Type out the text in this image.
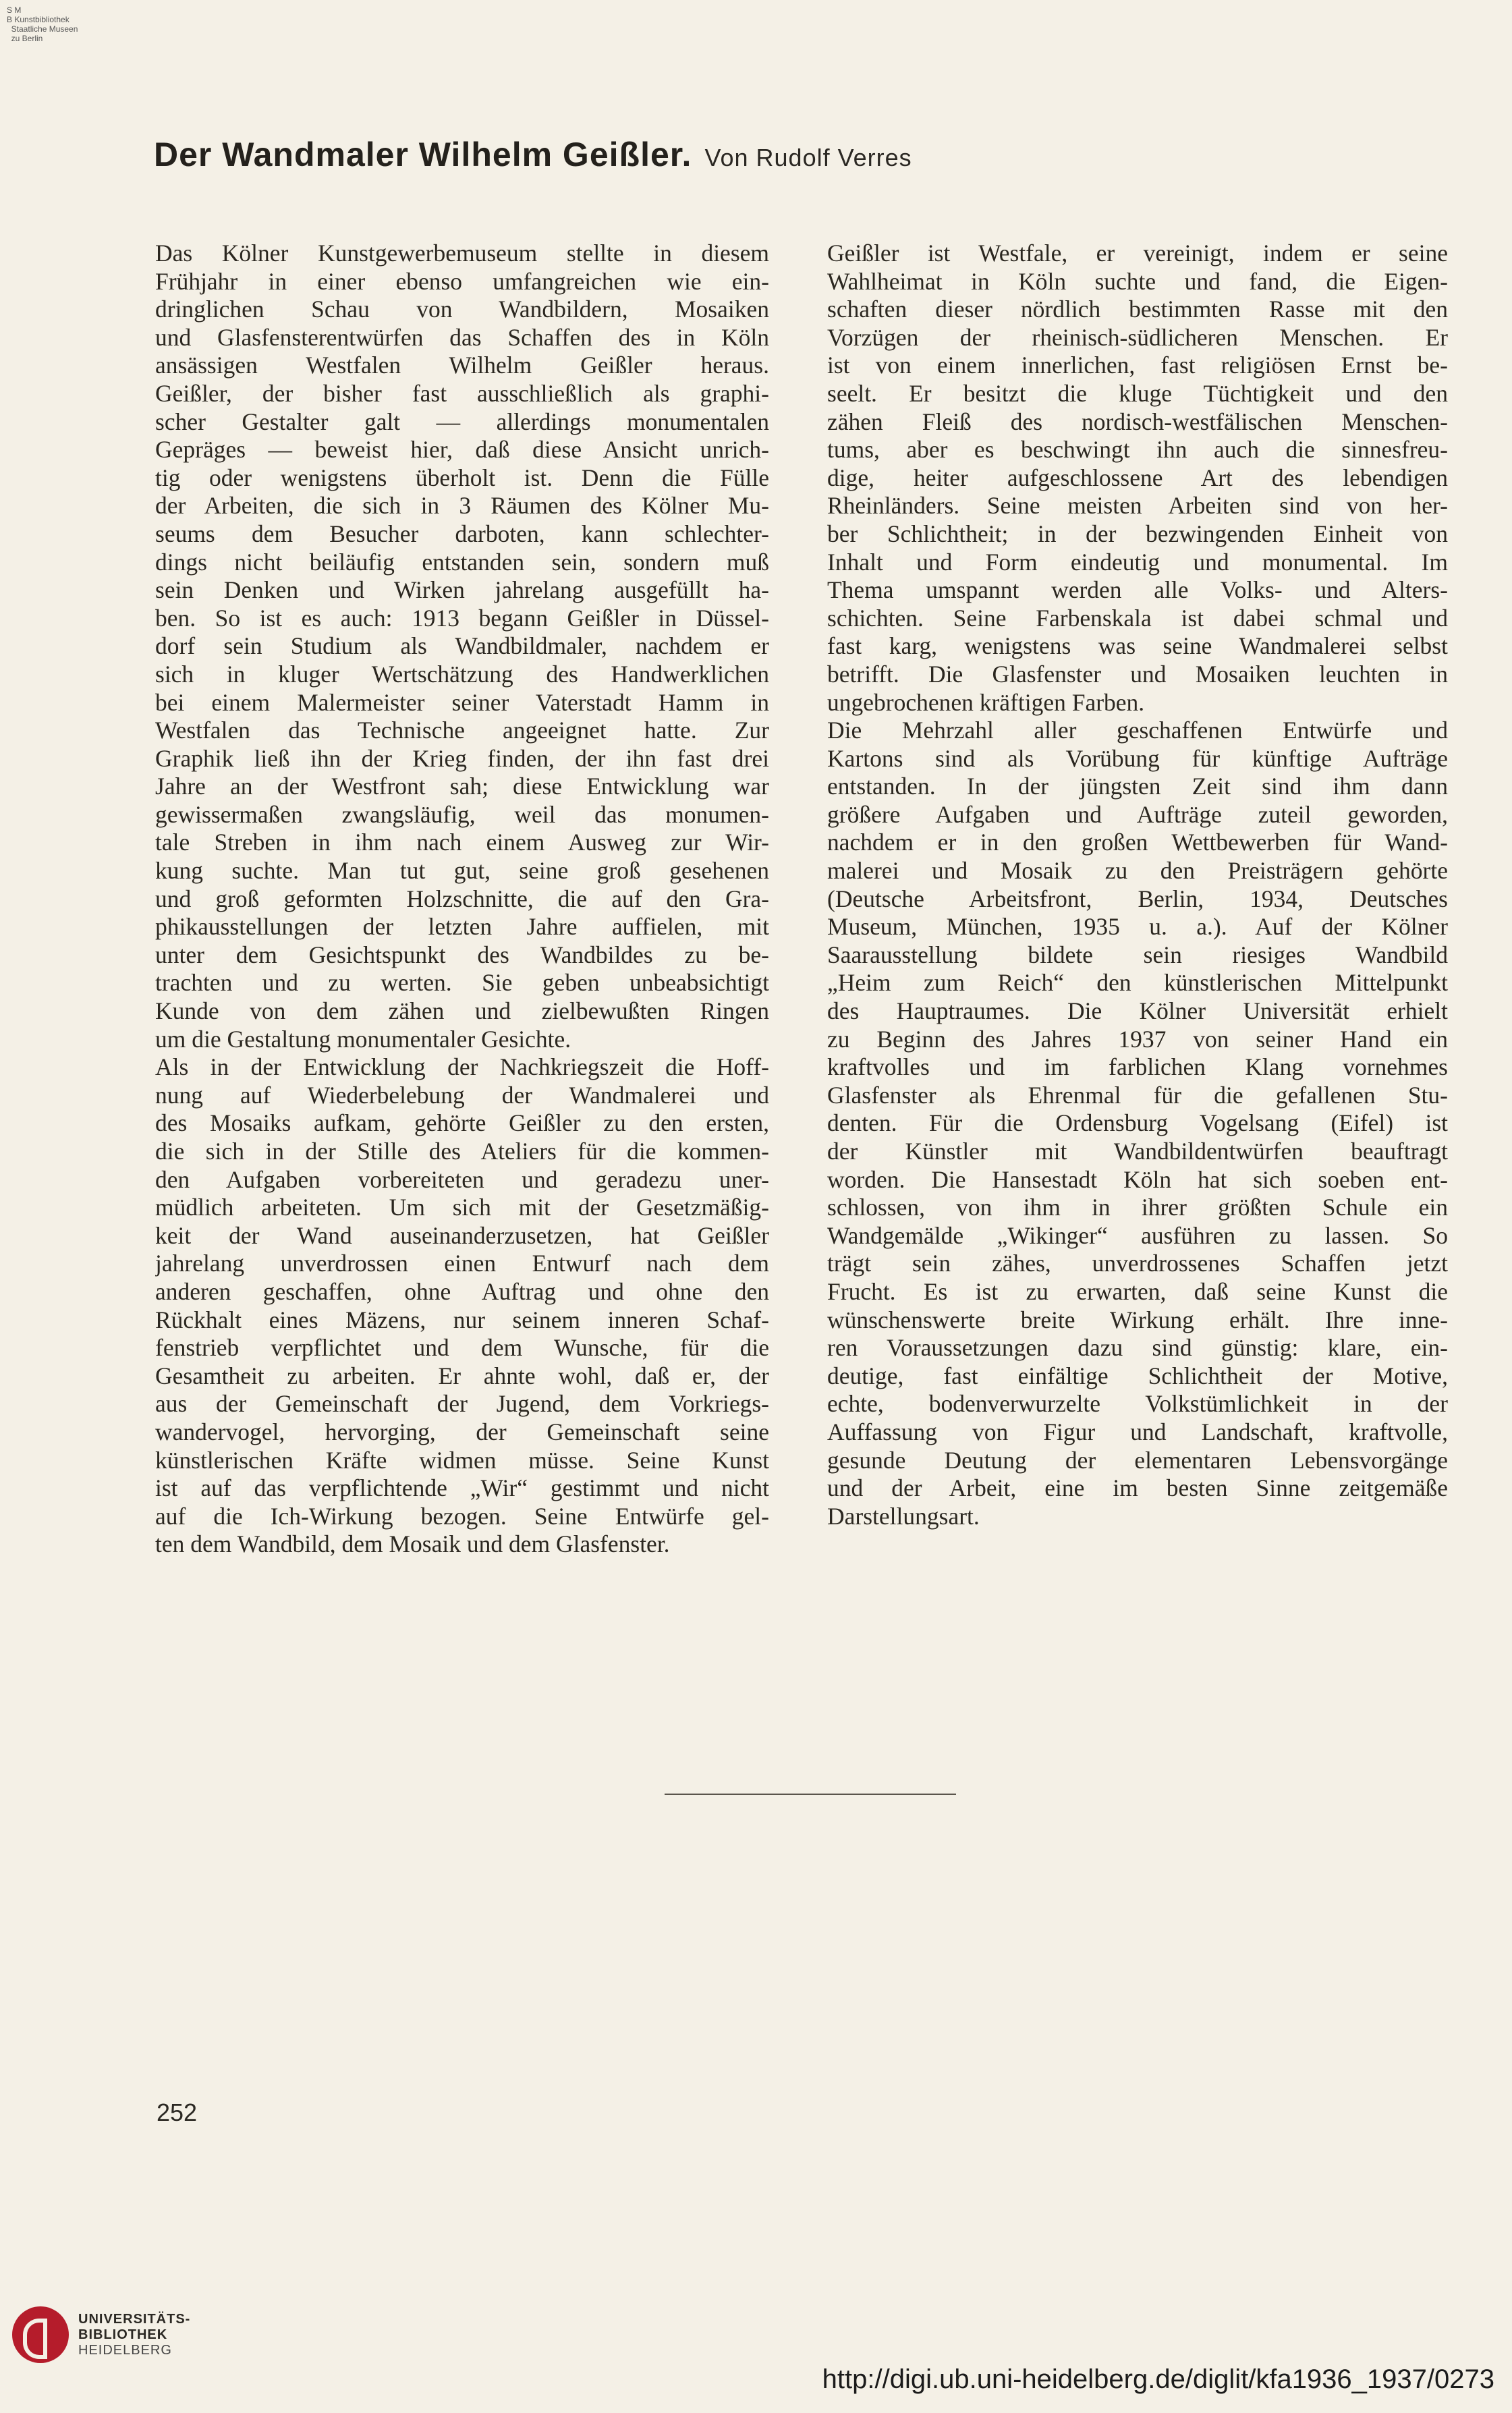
S M
B Kunstbibliothek
Staatliche Museen
zu Berlin
Der Wandmaler Wilhelm Geißler. Von Rudolf Verres
Das Kölner Kunstgewerbemuseum stellte in diesem
Frühjahr in einer ebenso umfangreichen wie ein-
dringlichen Schau von Wandbildern, Mosaiken
und Glasfensterentwürfen das Schaffen des in Köln
ansässigen Westfalen Wilhelm Geißler heraus.
Geißler, der bisher fast ausschließlich als graphi-
scher Gestalter galt — allerdings monumentalen
Gepräges — beweist hier, daß diese Ansicht unrich-
tig oder wenigstens überholt ist. Denn die Fülle
der Arbeiten, die sich in 3 Räumen des Kölner Mu-
seums dem Besucher darboten, kann schlechter-
dings nicht beiläufig entstanden sein, sondern muß
sein Denken und Wirken jahrelang ausgefüllt ha-
ben. So ist es auch: 1913 begann Geißler in Düssel-
dorf sein Studium als Wandbildmaler, nachdem er
sich in kluger Wertschätzung des Handwerklichen
bei einem Malermeister seiner Vaterstadt Hamm in
Westfalen das Technische angeeignet hatte. Zur
Graphik ließ ihn der Krieg finden, der ihn fast drei
Jahre an der Westfront sah; diese Entwicklung war
gewissermaßen zwangsläufig, weil das monumen-
tale Streben in ihm nach einem Ausweg zur Wir-
kung suchte. Man tut gut, seine groß gesehenen
und groß geformten Holzschnitte, die auf den Gra-
phikausstellungen der letzten Jahre auffielen, mit
unter dem Gesichtspunkt des Wandbildes zu be-
trachten und zu werten. Sie geben unbeabsichtigt
Kunde von dem zähen und zielbewußten Ringen
um die Gestaltung monumentaler Gesichte.
Als in der Entwicklung der Nachkriegszeit die Hoff-
nung auf Wiederbelebung der Wandmalerei und
des Mosaiks aufkam, gehörte Geißler zu den ersten,
die sich in der Stille des Ateliers für die kommen-
den Aufgaben vorbereiteten und geradezu uner-
müdlich arbeiteten. Um sich mit der Gesetzmäßig-
keit der Wand auseinanderzusetzen, hat Geißler
jahrelang unverdrossen einen Entwurf nach dem
anderen geschaffen, ohne Auftrag und ohne den
Rückhalt eines Mäzens, nur seinem inneren Schaf-
fenstrieb verpflichtet und dem Wunsche, für die
Gesamtheit zu arbeiten. Er ahnte wohl, daß er, der
aus der Gemeinschaft der Jugend, dem Vorkriegs-
wandervogel, hervorging, der Gemeinschaft seine
künstlerischen Kräfte widmen müsse. Seine Kunst
ist auf das verpflichtende „Wir“ gestimmt und nicht
auf die Ich-Wirkung bezogen. Seine Entwürfe gel-
ten dem Wandbild, dem Mosaik und dem Glasfenster.
Geißler ist Westfale, er vereinigt, indem er seine
Wahlheimat in Köln suchte und fand, die Eigen-
schaften dieser nördlich bestimmten Rasse mit den
Vorzügen der rheinisch-südlicheren Menschen. Er
ist von einem innerlichen, fast religiösen Ernst be-
seelt. Er besitzt die kluge Tüchtigkeit und den
zähen Fleiß des nordisch-westfälischen Menschen-
tums, aber es beschwingt ihn auch die sinnesfreu-
dige, heiter aufgeschlossene Art des lebendigen
Rheinländers. Seine meisten Arbeiten sind von her-
ber Schlichtheit; in der bezwingenden Einheit von
Inhalt und Form eindeutig und monumental. Im
Thema umspannt werden alle Volks- und Alters-
schichten. Seine Farbenskala ist dabei schmal und
fast karg, wenigstens was seine Wandmalerei selbst
betrifft. Die Glasfenster und Mosaiken leuchten in
ungebrochenen kräftigen Farben.
Die Mehrzahl aller geschaffenen Entwürfe und
Kartons sind als Vorübung für künftige Aufträge
entstanden. In der jüngsten Zeit sind ihm dann
größere Aufgaben und Aufträge zuteil geworden,
nachdem er in den großen Wettbewerben für Wand-
malerei und Mosaik zu den Preisträgern gehörte
(Deutsche Arbeitsfront, Berlin, 1934, Deutsches
Museum, München, 1935 u. a.). Auf der Kölner
Saarausstellung bildete sein riesiges Wandbild
„Heim zum Reich“ den künstlerischen Mittelpunkt
des Hauptraumes. Die Kölner Universität erhielt
zu Beginn des Jahres 1937 von seiner Hand ein
kraftvolles und im farblichen Klang vornehmes
Glasfenster als Ehrenmal für die gefallenen Stu-
denten. Für die Ordensburg Vogelsang (Eifel) ist
der Künstler mit Wandbildentwürfen beauftragt
worden. Die Hansestadt Köln hat sich soeben ent-
schlossen, von ihm in ihrer größten Schule ein
Wandgemälde „Wikinger“ ausführen zu lassen. So
trägt sein zähes, unverdrossenes Schaffen jetzt
Frucht. Es ist zu erwarten, daß seine Kunst die
wünschenswerte breite Wirkung erhält. Ihre inne-
ren Voraussetzungen dazu sind günstig: klare, ein-
deutige, fast einfältige Schlichtheit der Motive,
echte, bodenverwurzelte Volkstümlichkeit in der
Auffassung von Figur und Landschaft, kraftvolle,
gesunde Deutung der elementaren Lebensvorgänge
und der Arbeit, eine im besten Sinne zeitgemäße
Darstellungsart.
252
UNIVERSITÄTS-
BIBLIOTHEK
HEIDELBERG
http://digi.ub.uni-heidelberg.de/diglit/kfa1936_1937/0273
